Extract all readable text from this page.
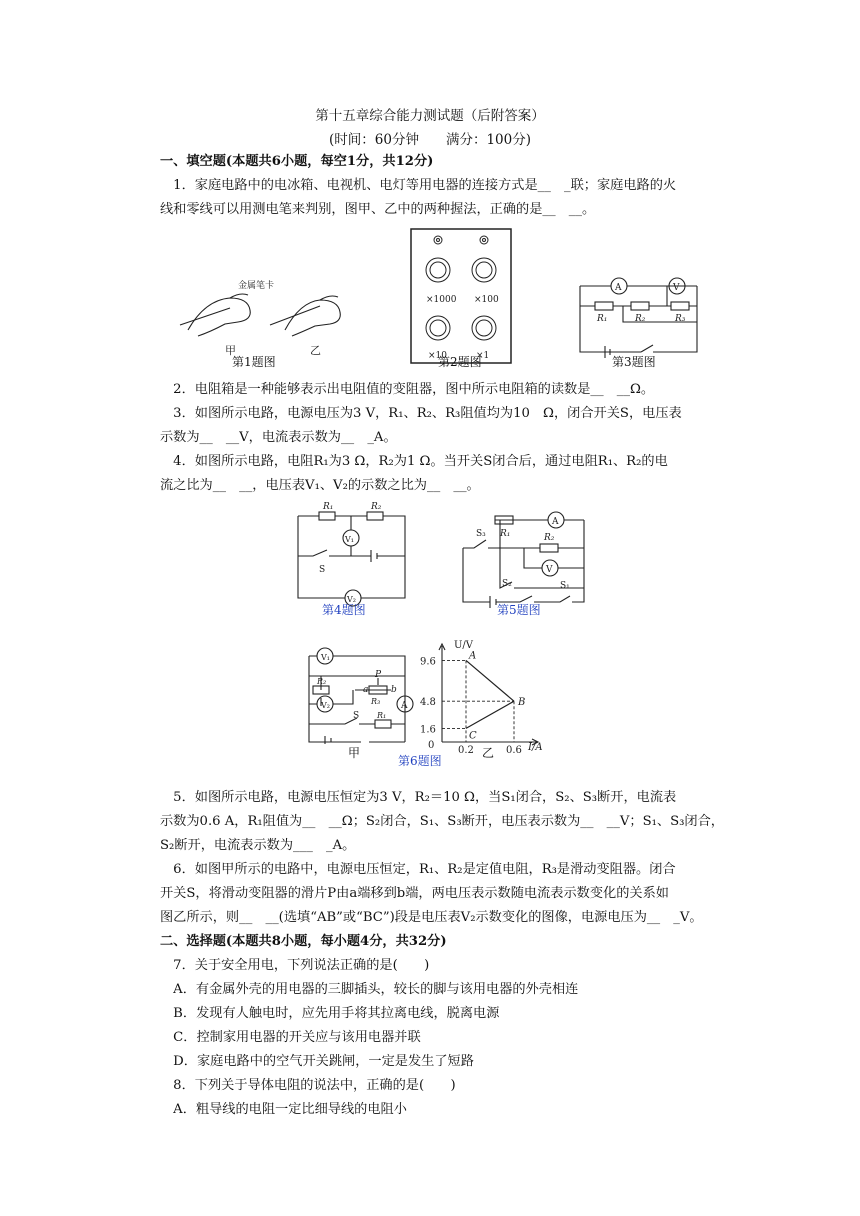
第十五章综合能力测试题（后附答案）
(时间：60分钟　　满分：100分)
一、填空题(本题共6小题，每空1分，共12分)
　1．家庭电路中的电冰箱、电视机、电灯等用电器的连接方式是__　_联；家庭电路的火
线和零线可以用测电笔来判别，图甲、乙中的两种握法，正确的是__　__。
金属笔卡
甲	乙
第1题图
×1000 ×100
×10	×1
第2题图
A	V
R₁	R₂	R₃
第3题图
　2．电阻箱是一种能够表示出电阻值的变阻器，图中所示电阻箱的读数是__　__Ω。
　3．如图所示电路，电源电压为3 V，R₁、R₂、R₃阻值均为10　Ω，闭合开关S，电压表
示数为__　__V，电流表示数为__　_A。
　4．如图所示电路，电阻R₁为3 Ω，R₂为1 Ω。当开关S闭合后，通过电阻R₁、R₂的电
流之比为__　__，电压表V₁、V₂的示数之比为__　__。
R₁	R₂
V₁
S
V₂
第4题图
S₃ R₁
A
R₂
V
S₂	S₁
第5题图
V₁
R₂
P
a	b
R₃
V₂	A
S R₁
甲
U/V
I/A
9.6
4.8
1.6
0 0.2	0.6
A
B
C
乙
第6题图
　5．如图所示电路，电源电压恒定为3 V，R₂＝10 Ω，当S₁闭合，S₂、S₃断开，电流表
示数为0.6 A，R₁阻值为__　__Ω；S₂闭合，S₁、S₃断开，电压表示数为__　__V；S₁、S₃闭合，
S₂断开，电流表示数为___　_A。
　6．如图甲所示的电路中，电源电压恒定，R₁、R₂是定值电阻，R₃是滑动变阻器。闭合
开关S，将滑动变阻器的滑片P由a端移到b端，两电压表示数随电流表示数变化的关系如
图乙所示，则__　__(选填“AB”或“BC”)段是电压表V₂示数变化的图像，电源电压为__　_V。
二、选择题(本题共8小题，每小题4分，共32分)
　7．关于安全用电，下列说法正确的是(　　)
　A．有金属外壳的用电器的三脚插头，较长的脚与该用电器的外壳相连
　B．发现有人触电时，应先用手将其拉离电线，脱离电源
　C．控制家用电器的开关应与该用电器并联
　D．家庭电路中的空气开关跳闸，一定是发生了短路
　8．下列关于导体电阻的说法中，正确的是(　　)
　A．粗导线的电阻一定比细导线的电阻小
